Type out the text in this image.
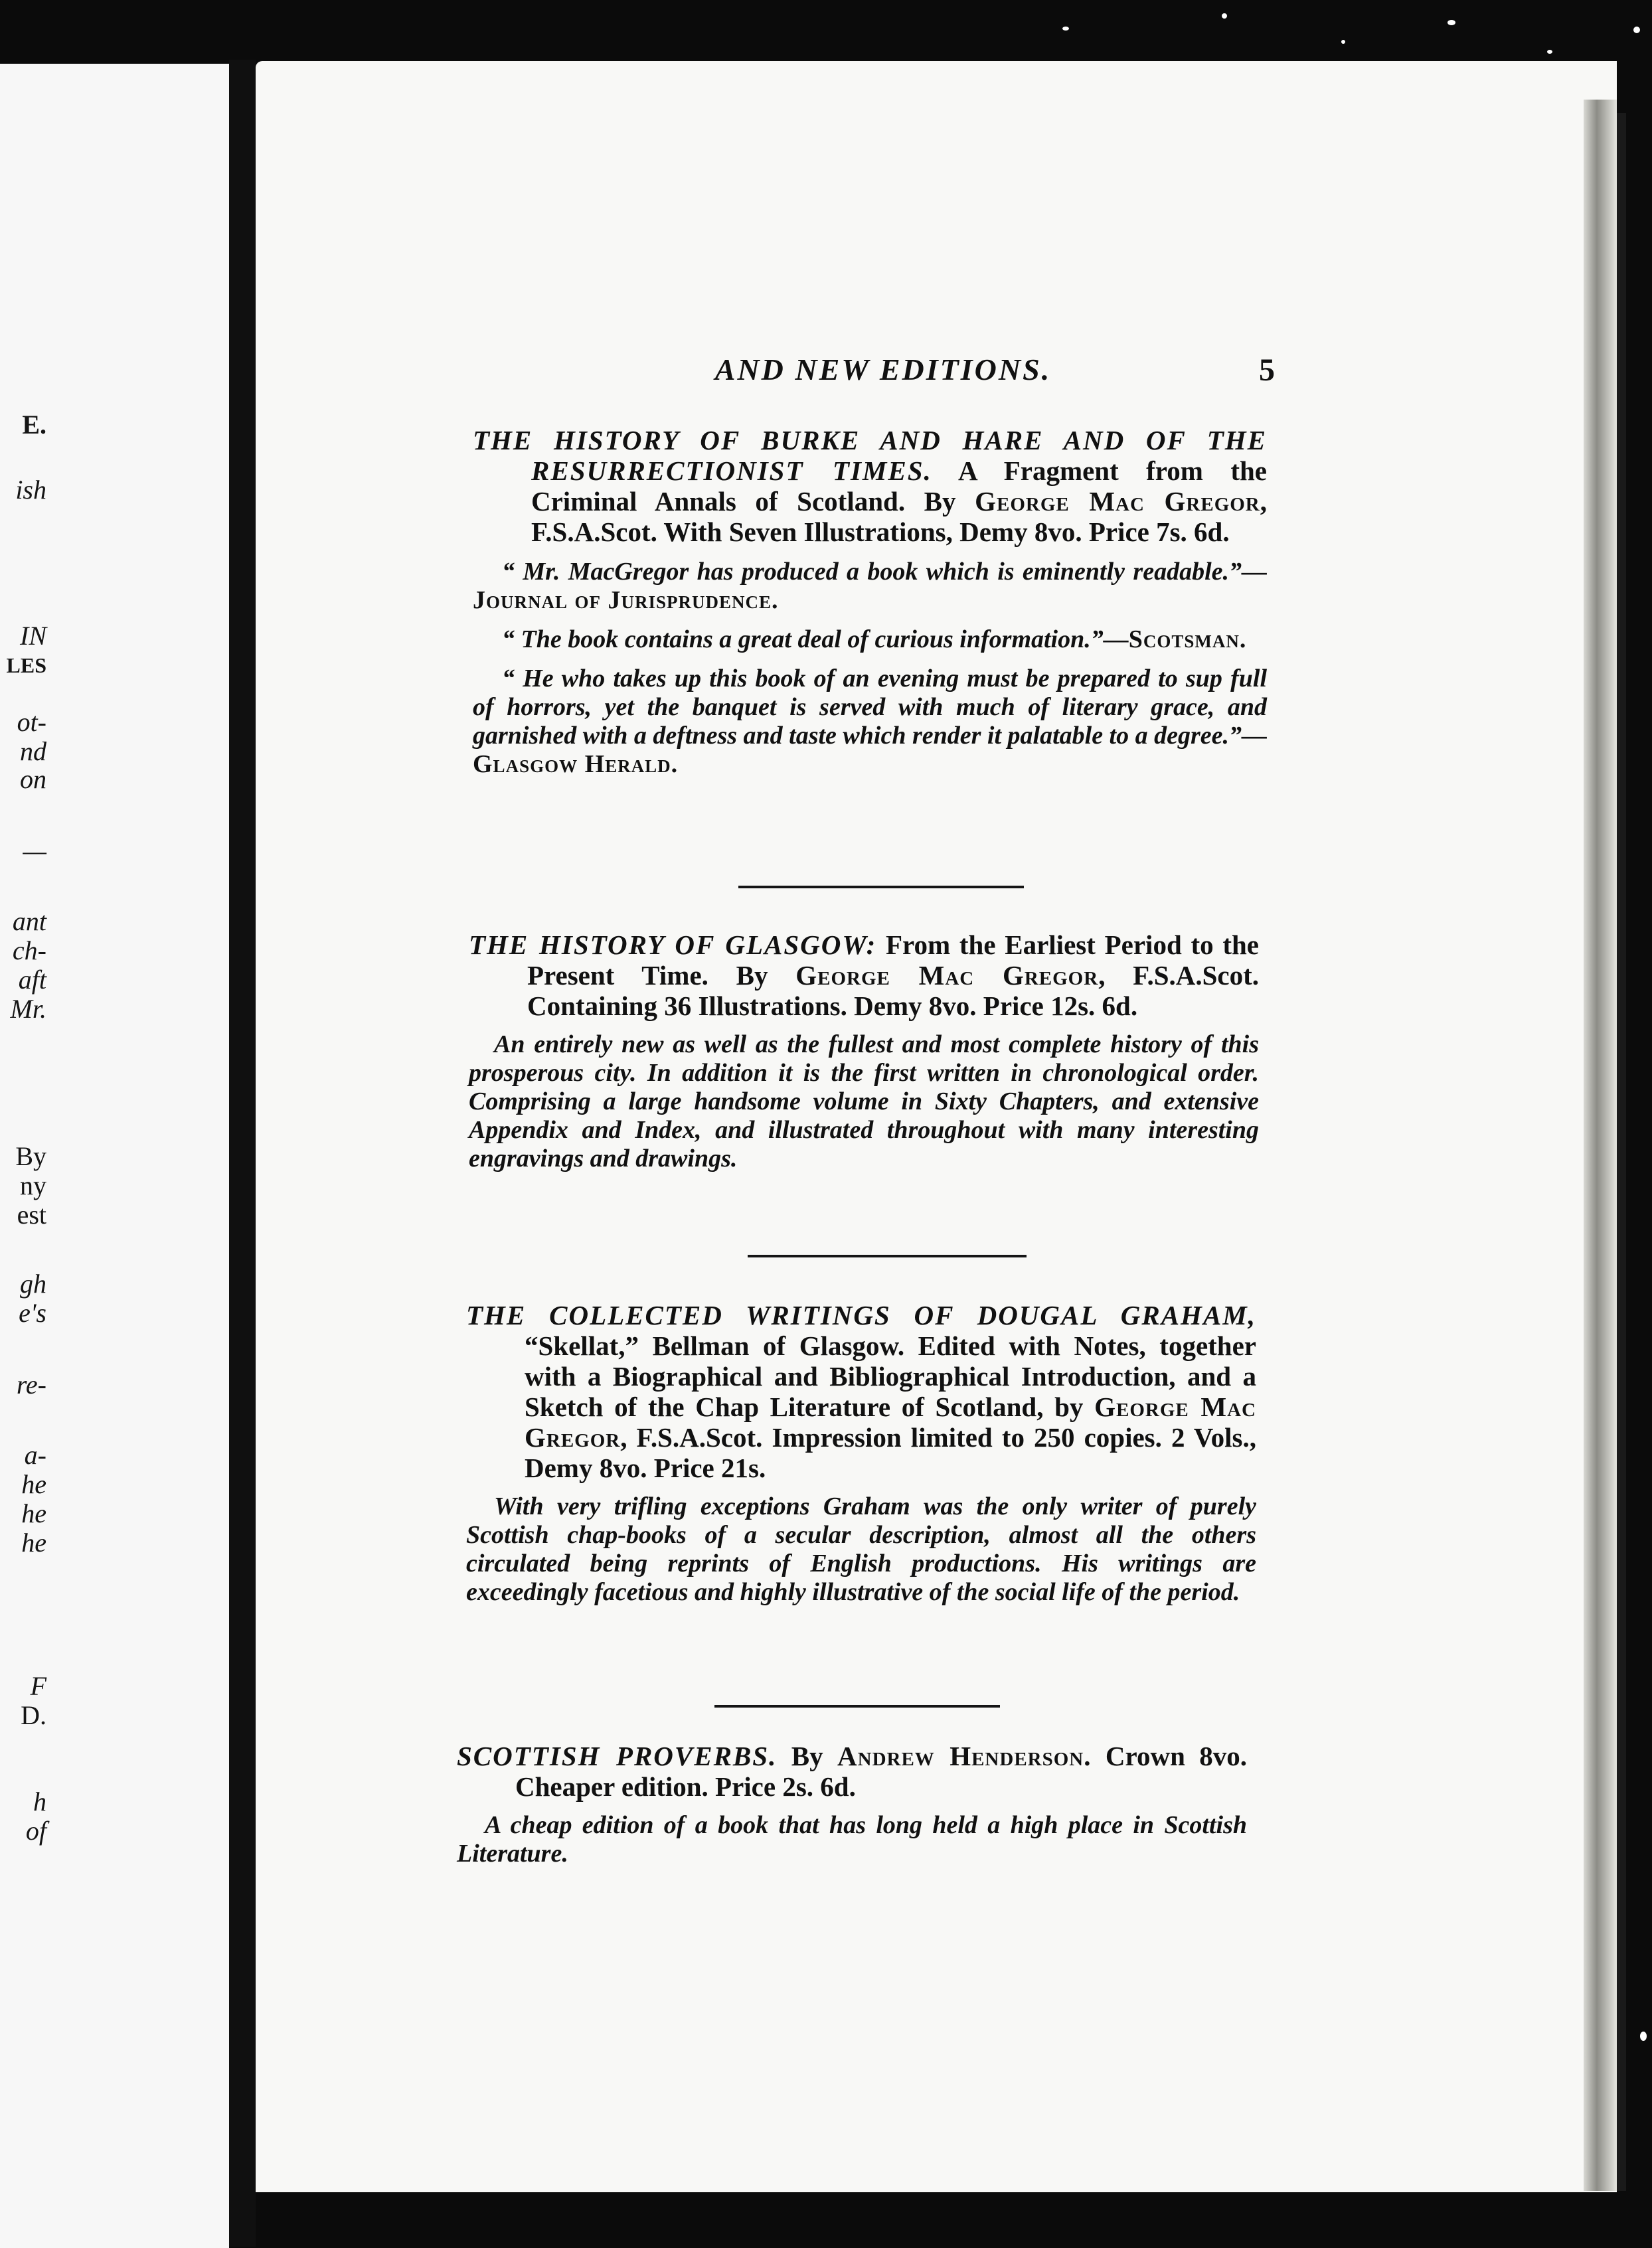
E.
ish
IN
LES
ot-
nd
on
—
ant
ch-
aft
Mr.
By
ny
est
gh
e's
re-
a-
he
he
he
F
D.
h
of
AND NEW EDITIONS.	5

THE HISTORY OF BURKE AND HARE AND OF THE RESURRECTIONIST TIMES. A Fragment from the Criminal Annals of Scotland. By George Mac Gregor, F.S.A.Scot. With Seven Illustrations, Demy 8vo. Price 7s. 6d.

“ Mr. MacGregor has produced a book which is eminently readable.”—Journal of Jurisprudence.

“ The book contains a great deal of curious information.”—Scotsman.

“ He who takes up this book of an evening must be prepared to sup full of horrors, yet the banquet is served with much of literary grace, and garnished with a deftness and taste which render it palatable to a degree.”—Glasgow Herald.

THE HISTORY OF GLASGOW: From the Earliest Period to the Present Time. By George Mac Gregor, F.S.A.Scot. Containing 36 Illustrations. Demy 8vo. Price 12s. 6d.

An entirely new as well as the fullest and most complete history of this prosperous city. In addition it is the first written in chronological order. Comprising a large handsome volume in Sixty Chapters, and extensive Appendix and Index, and illustrated throughout with many interesting engravings and drawings.

THE COLLECTED WRITINGS OF DOUGAL GRAHAM, “Skellat,” Bellman of Glasgow. Edited with Notes, together with a Biographical and Bibliographical Introduction, and a Sketch of the Chap Literature of Scotland, by George Mac Gregor, F.S.A.Scot. Impression limited to 250 copies. 2 Vols., Demy 8vo. Price 21s.

With very trifling exceptions Graham was the only writer of purely Scottish chap-books of a secular description, almost all the others circulated being reprints of English productions. His writings are exceedingly facetious and highly illustrative of the social life of the period.

SCOTTISH PROVERBS. By Andrew Henderson. Crown 8vo. Cheaper edition. Price 2s. 6d.

A cheap edition of a book that has long held a high place in Scottish Literature.
